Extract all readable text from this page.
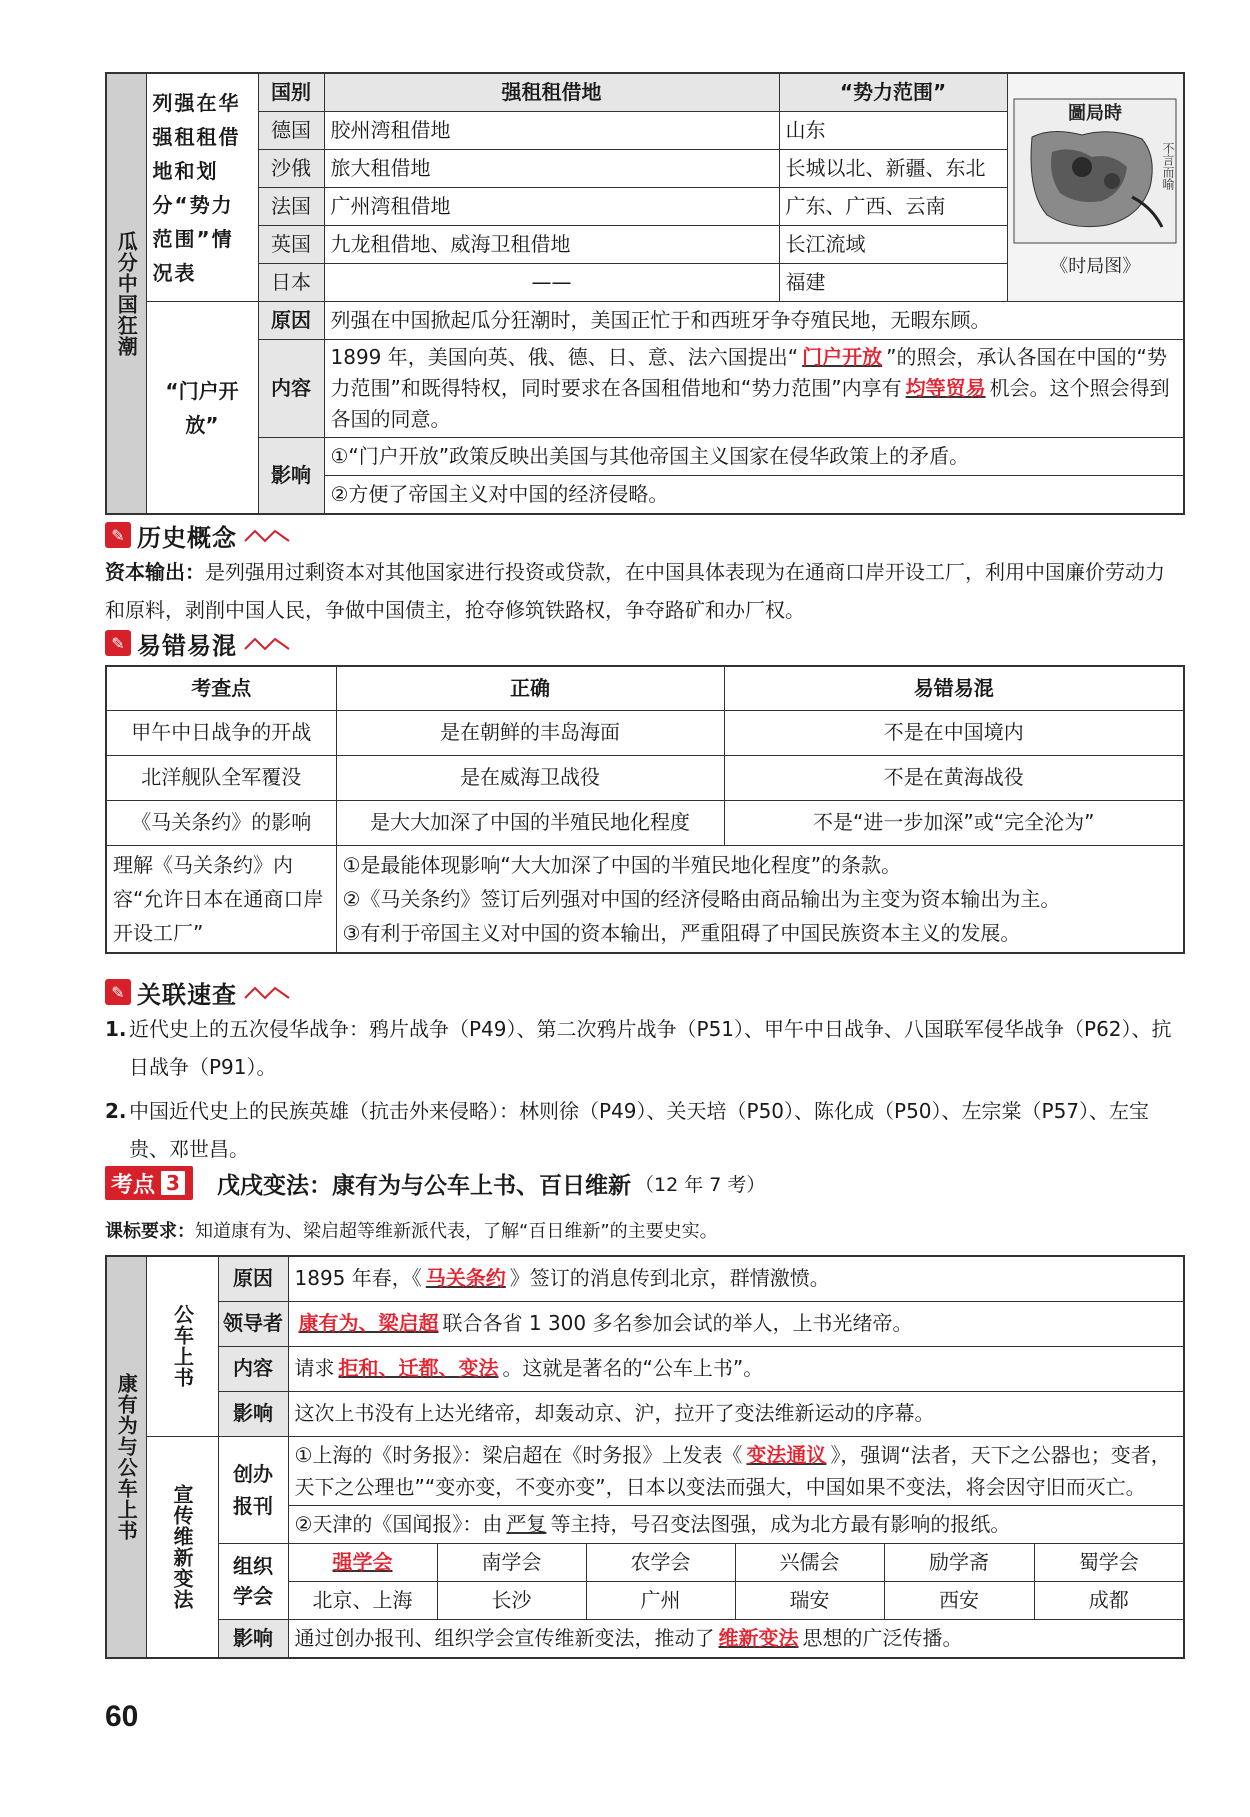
瓜分中国狂潮	列强在华强租租借地和划分“势力范围”情况表	国别	强租租借地	“势力范围”	圖局時
不言而喻
《时局图》

		德国	胶州湾租借地	山东	
		沙俄	旅大租借地	长城以北、新疆、东北	
		法国	广州湾租借地	广东、广西、云南	
		英国	九龙租借地、威海卫租借地	长江流域	
		日本	——	福建	
	“门户开放”	原因	列强在中国掀起瓜分狂潮时，美国正忙于和西班牙争夺殖民地，无暇东顾。		
		内容	1899 年，美国向英、俄、德、日、意、法六国提出“ 门户开放 ”的照会，承认各国在中国的“势力范围”和既得特权，同时要求在各国租借地和“势力范围”内享有 均等贸易 机会。这个照会得到各国的同意。		
		影响	①“门户开放”政策反映出美国与其他帝国主义国家在侵华政策上的矛盾。		
			②方便了帝国主义对中国的经济侵略。		
✎ 历史概念
资本输出：是列强用过剩资本对其他国家进行投资或贷款，在中国具体表现为在通商口岸开设工厂，利用中国廉价劳动力和原料，剥削中国人民，争做中国债主，抢夺修筑铁路权，争夺路矿和办厂权。
✎ 易错易混
考查点	正确	易错易混
甲午中日战争的开战	是在朝鲜的丰岛海面	不是在中国境内
北洋舰队全军覆没	是在威海卫战役	不是在黄海战役
《马关条约》的影响	是大大加深了中国的半殖民地化程度	不是“进一步加深”或“完全沦为”
理解《马关条约》内容“允许日本在通商口岸开设工厂”	①是最能体现影响“大大加深了中国的半殖民地化程度”的条款。
②《马关条约》签订后列强对中国的经济侵略由商品输出为主变为资本输出为主。
③有利于帝国主义对中国的资本输出，严重阻碍了中国民族资本主义的发展。	
✎ 关联速查
1. 近代史上的五次侵华战争：鸦片战争（P49）、第二次鸦片战争（P51）、甲午中日战争、八国联军侵华战争（P62）、抗日战争（P91）。
2. 中国近代史上的民族英雄（抗击外来侵略）：林则徐（P49）、关天培（P50）、陈化成（P50）、左宗棠（P57）、左宝贵、邓世昌。
考点 3	戊戌变法：康有为与公车上书、百日维新 （12 年 7 考）
课标要求：知道康有为、梁启超等维新派代表，了解“百日维新”的主要史实。
康有为与公车上书	公车上书	原因	1895 年春，《 马关条约 》签订的消息传到北京，群情激愤。					
		领导者	康有为、梁启超 联合各省 1 300 多名参加会试的举人，上书光绪帝。					
		内容	请求 拒和、迁都、变法 。这就是著名的“公车上书”。					
		影响	这次上书没有上达光绪帝，却轰动京、沪，拉开了变法维新运动的序幕。					

	宣传维新变法	创办报刊	①上海的《时务报》：梁启超在《时务报》上发表《 变法通议 》，强调“法者，天下之公器也；变者，天下之公理也”“变亦变，不变亦变”，日本以变法而强大，中国如果不变法，将会因守旧而灭亡。					
			②天津的《国闻报》：由 严复 等主持，号召变法图强，成为北方最有影响的报纸。					
		组织学会	强学会	南学会	农学会	兴儒会	励学斋	蜀学会
			北京、上海	长沙	广州	瑞安	西安	成都
		影响	通过创办报刊、组织学会宣传维新变法，推动了 维新变法 思想的广泛传播。					
60
